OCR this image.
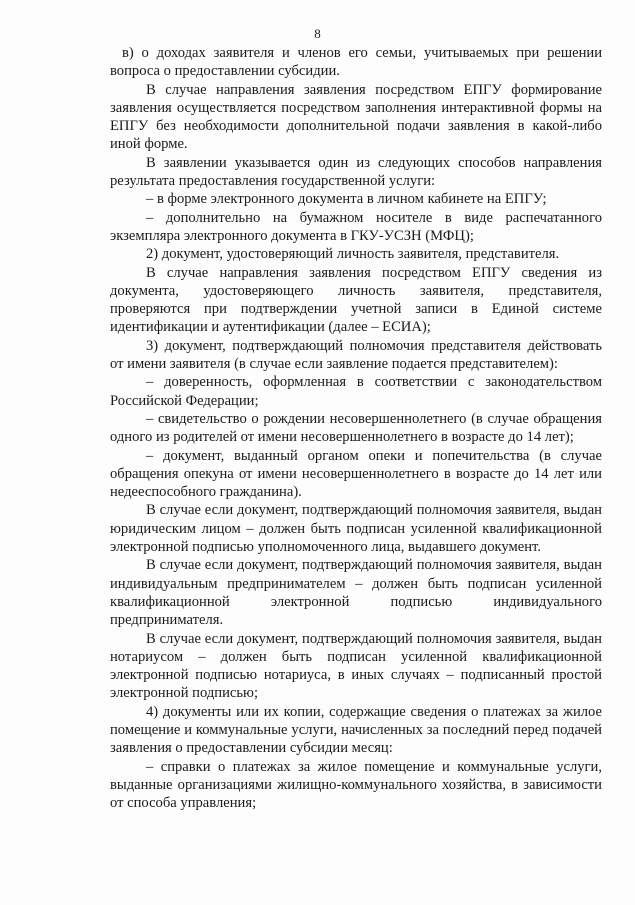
8

в) о доходах заявителя и членов его семьи, учитываемых при решении вопроса о предоставлении субсидии.

В случае направления заявления посредством ЕПГУ формирование заявления осуществляется посредством заполнения интерактивной формы на ЕПГУ без необходимости дополнительной подачи заявления в какой-либо иной форме.

В заявлении указывается один из следующих способов направления результата предоставления государственной услуги:

– в форме электронного документа в личном кабинете на ЕПГУ;

– дополнительно на бумажном носителе в виде распечатанного экземпляра электронного документа в ГКУ-УСЗН (МФЦ);

2) документ, удостоверяющий личность заявителя, представителя.

В случае направления заявления посредством ЕПГУ сведения из документа, удостоверяющего личность заявителя, представителя, проверяются при подтверждении учетной записи в Единой системе идентификации и аутентификации (далее – ЕСИА);

3) документ, подтверждающий полномочия представителя действовать от имени заявителя (в случае если заявление подается представителем):

– доверенность, оформленная в соответствии с законодательством Российской Федерации;

– свидетельство о рождении несовершеннолетнего (в случае обращения одного из родителей от имени несовершеннолетнего в возрасте до 14 лет);

– документ, выданный органом опеки и попечительства (в случае обращения опекуна от имени несовершеннолетнего в возрасте до 14 лет или недееспособного гражданина).

В случае если документ, подтверждающий полномочия заявителя, выдан юридическим лицом – должен быть подписан усиленной квалификационной электронной подписью уполномоченного лица, выдавшего документ.

В случае если документ, подтверждающий полномочия заявителя, выдан индивидуальным предпринимателем – должен быть подписан усиленной квалификационной электронной подписью индивидуального предпринимателя.

В случае если документ, подтверждающий полномочия заявителя, выдан нотариусом – должен быть подписан усиленной квалификационной электронной подписью нотариуса, в иных случаях – подписанный простой электронной подписью;

4) документы или их копии, содержащие сведения о платежах за жилое помещение и коммунальные услуги, начисленных за последний перед подачей заявления о предоставлении субсидии месяц:

– справки о платежах за жилое помещение и коммунальные услуги, выданные организациями жилищно-коммунального хозяйства, в зависимости от способа управления;
